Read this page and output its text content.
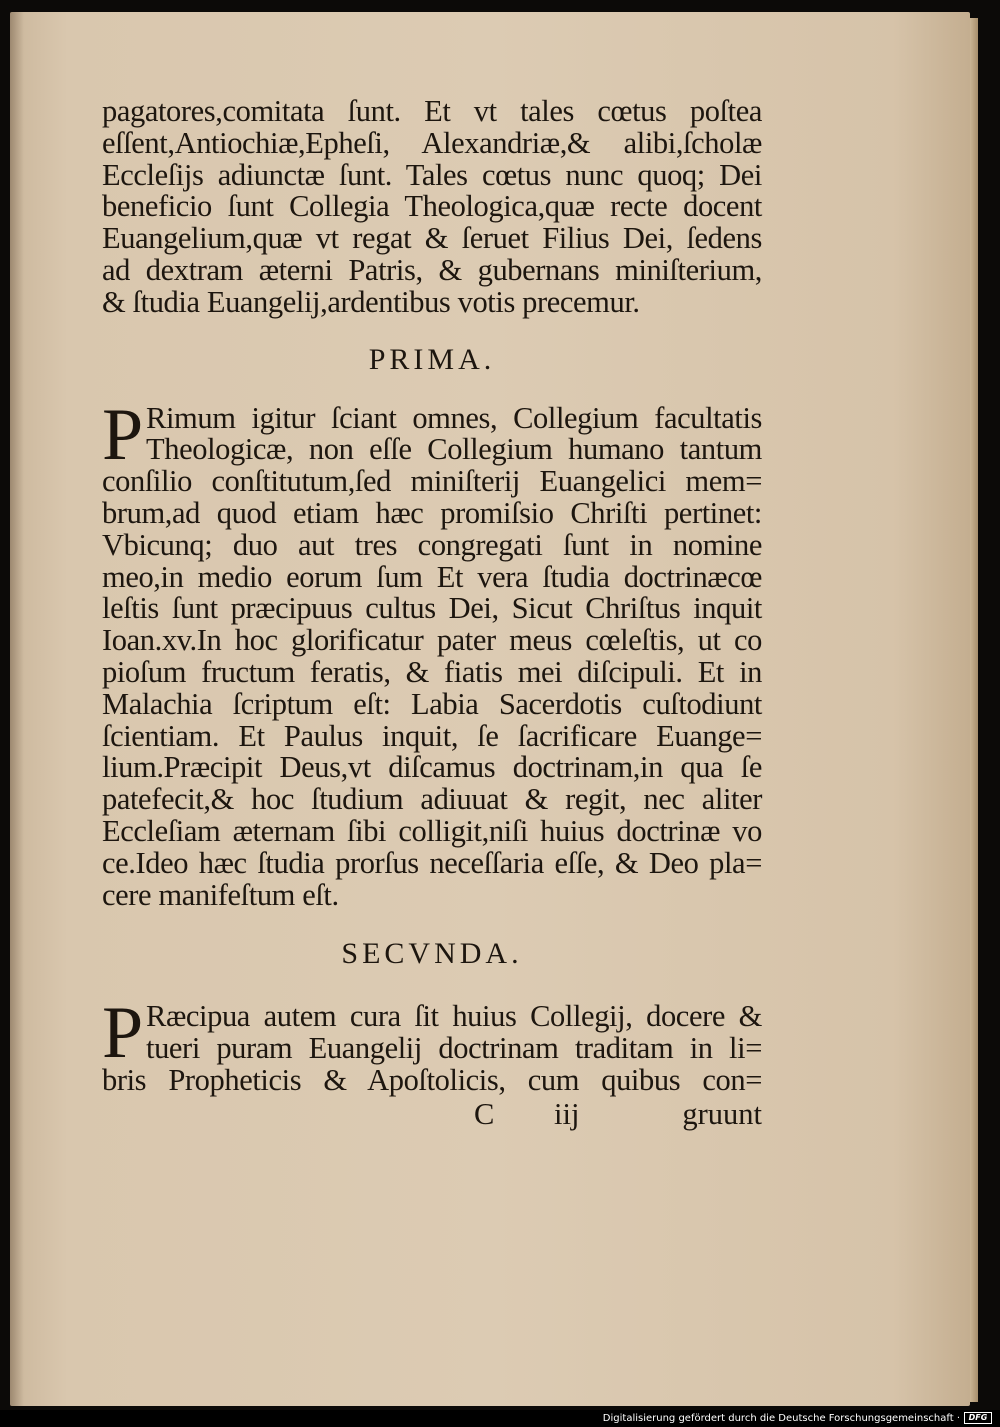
pagatores,comitata ſunt. Et vt tales cœtus poſtea
eſſent,Antiochiæ,Epheſi, Alexandriæ,& alibi,ſcholæ
Eccleſijs adiunctæ ſunt. Tales cœtus nunc quoq; Dei
beneficio ſunt Collegia Theologica,quæ recte docent
Euangelium,quæ vt regat & ſeruet Filius Dei, ſedens
ad dextram æterni Patris, & gubernans miniſterium,
& ſtudia Euangelij,ardentibus votis precemur.
PRIMA.
P Rimum igitur ſciant omnes, Collegium facultatis
Theologicæ, non eſſe Collegium humano tantum
conſilio conſtitutum,ſed miniſterij Euangelici mem=
brum,ad quod etiam hæc promiſsio Chriſti pertinet:
Vbicunq; duo aut tres congregati ſunt in nomine
meo,in medio eorum ſum Et vera ſtudia doctrinæcœ
leſtis ſunt præcipuus cultus Dei, Sicut Chriſtus inquit
Ioan.xv.In hoc glorificatur pater meus cœleſtis, ut co
pioſum fructum feratis, & fiatis mei diſcipuli. Et in
Malachia ſcriptum eſt: Labia Sacerdotis cuſtodiunt
ſcientiam. Et Paulus inquit, ſe ſacrificare Euange=
lium.Præcipit Deus,vt diſcamus doctrinam,in qua ſe
patefecit,& hoc ſtudium adiuuat & regit, nec aliter
Eccleſiam æternam ſibi colligit,niſi huius doctrinæ vo
ce.Ideo hæc ſtudia prorſus neceſſaria eſſe, & Deo pla=
cere manifeſtum eſt.
SECVNDA.
P Ræcipua autem cura ſit huius Collegij, docere &
tueri puram Euangelij doctrinam traditam in li=
bris Propheticis & Apoſtolicis, cum quibus con=
C iij	gruunt
Digitalisierung gefördert durch die Deutsche Forschungsgemeinschaft ·	DFG
